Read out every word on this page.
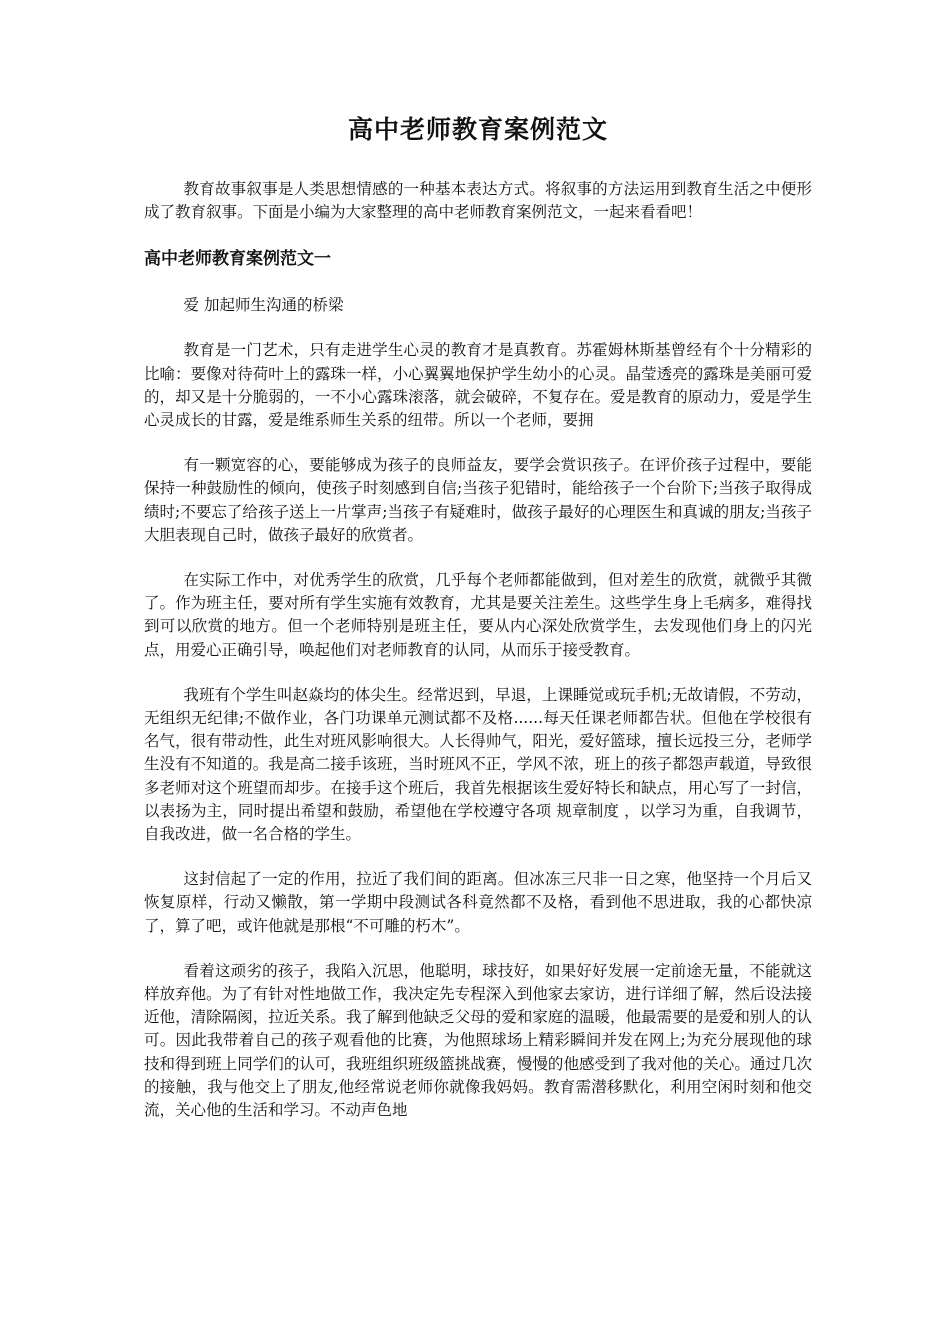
高中老师教育案例范文

教育故事叙事是人类思想情感的一种基本表达方式。将叙事的方法运用到教育生活之中便形成了教育叙事。下面是小编为大家整理的高中老师教育案例范文，一起来看看吧！

高中老师教育案例范文一

爱 加起师生沟通的桥梁

教育是一门艺术，只有走进学生心灵的教育才是真教育。苏霍姆林斯基曾经有个十分精彩的比喻：要像对待荷叶上的露珠一样，小心翼翼地保护学生幼小的心灵。晶莹透亮的露珠是美丽可爱的，却又是十分脆弱的，一不小心露珠滚落，就会破碎，不复存在。爱是教育的原动力，爱是学生心灵成长的甘露，爱是维系师生关系的纽带。所以一个老师，要拥

有一颗宽容的心，要能够成为孩子的良师益友，要学会赏识孩子。在评价孩子过程中，要能保持一种鼓励性的倾向，使孩子时刻感到自信;当孩子犯错时，能给孩子一个台阶下;当孩子取得成绩时;不要忘了给孩子送上一片掌声;当孩子有疑难时，做孩子最好的心理医生和真诚的朋友;当孩子大胆表现自己时，做孩子最好的欣赏者。

在实际工作中，对优秀学生的欣赏，几乎每个老师都能做到，但对差生的欣赏，就微乎其微了。作为班主任，要对所有学生实施有效教育，尤其是要关注差生。这些学生身上毛病多，难得找到可以欣赏的地方。但一个老师特别是班主任，要从内心深处欣赏学生，去发现他们身上的闪光点，用爱心正确引导，唤起他们对老师教育的认同，从而乐于接受教育。

我班有个学生叫赵焱均的体尖生。经常迟到，早退，上课睡觉或玩手机;无故请假，不劳动，无组织无纪律;不做作业，各门功课单元测试都不及格......每天任课老师都告状。但他在学校很有名气，很有带动性，此生对班风影响很大。人长得帅气，阳光，爱好篮球，擅长远投三分，老师学生没有不知道的。我是高二接手该班，当时班风不正，学风不浓，班上的孩子都怨声载道，导致很多老师对这个班望而却步。在接手这个班后，我首先根据该生爱好特长和缺点，用心写了一封信，以表扬为主，同时提出希望和鼓励，希望他在学校遵守各项 规章制度 ，以学习为重，自我调节，自我改进，做一名合格的学生。

这封信起了一定的作用，拉近了我们间的距离。但冰冻三尺非一日之寒，他坚持一个月后又恢复原样，行动又懒散，第一学期中段测试各科竟然都不及格，看到他不思进取，我的心都快凉了，算了吧，或许他就是那根“不可雕的朽木”。

看着这顽劣的孩子，我陷入沉思，他聪明，球技好，如果好好发展一定前途无量，不能就这样放弃他。为了有针对性地做工作，我决定先专程深入到他家去家访，进行详细了解，然后设法接近他，清除隔阂，拉近关系。我了解到他缺乏父母的爱和家庭的温暖，他最需要的是爱和别人的认可。因此我带着自己的孩子观看他的比赛，为他照球场上精彩瞬间并发在网上;为充分展现他的球技和得到班上同学们的认可，我班组织班级篮挑战赛，慢慢的他感受到了我对他的关心。通过几次的接触，我与他交上了朋友,他经常说老师你就像我妈妈。教育需潜移默化，利用空闲时刻和他交流，关心他的生活和学习。不动声色地
